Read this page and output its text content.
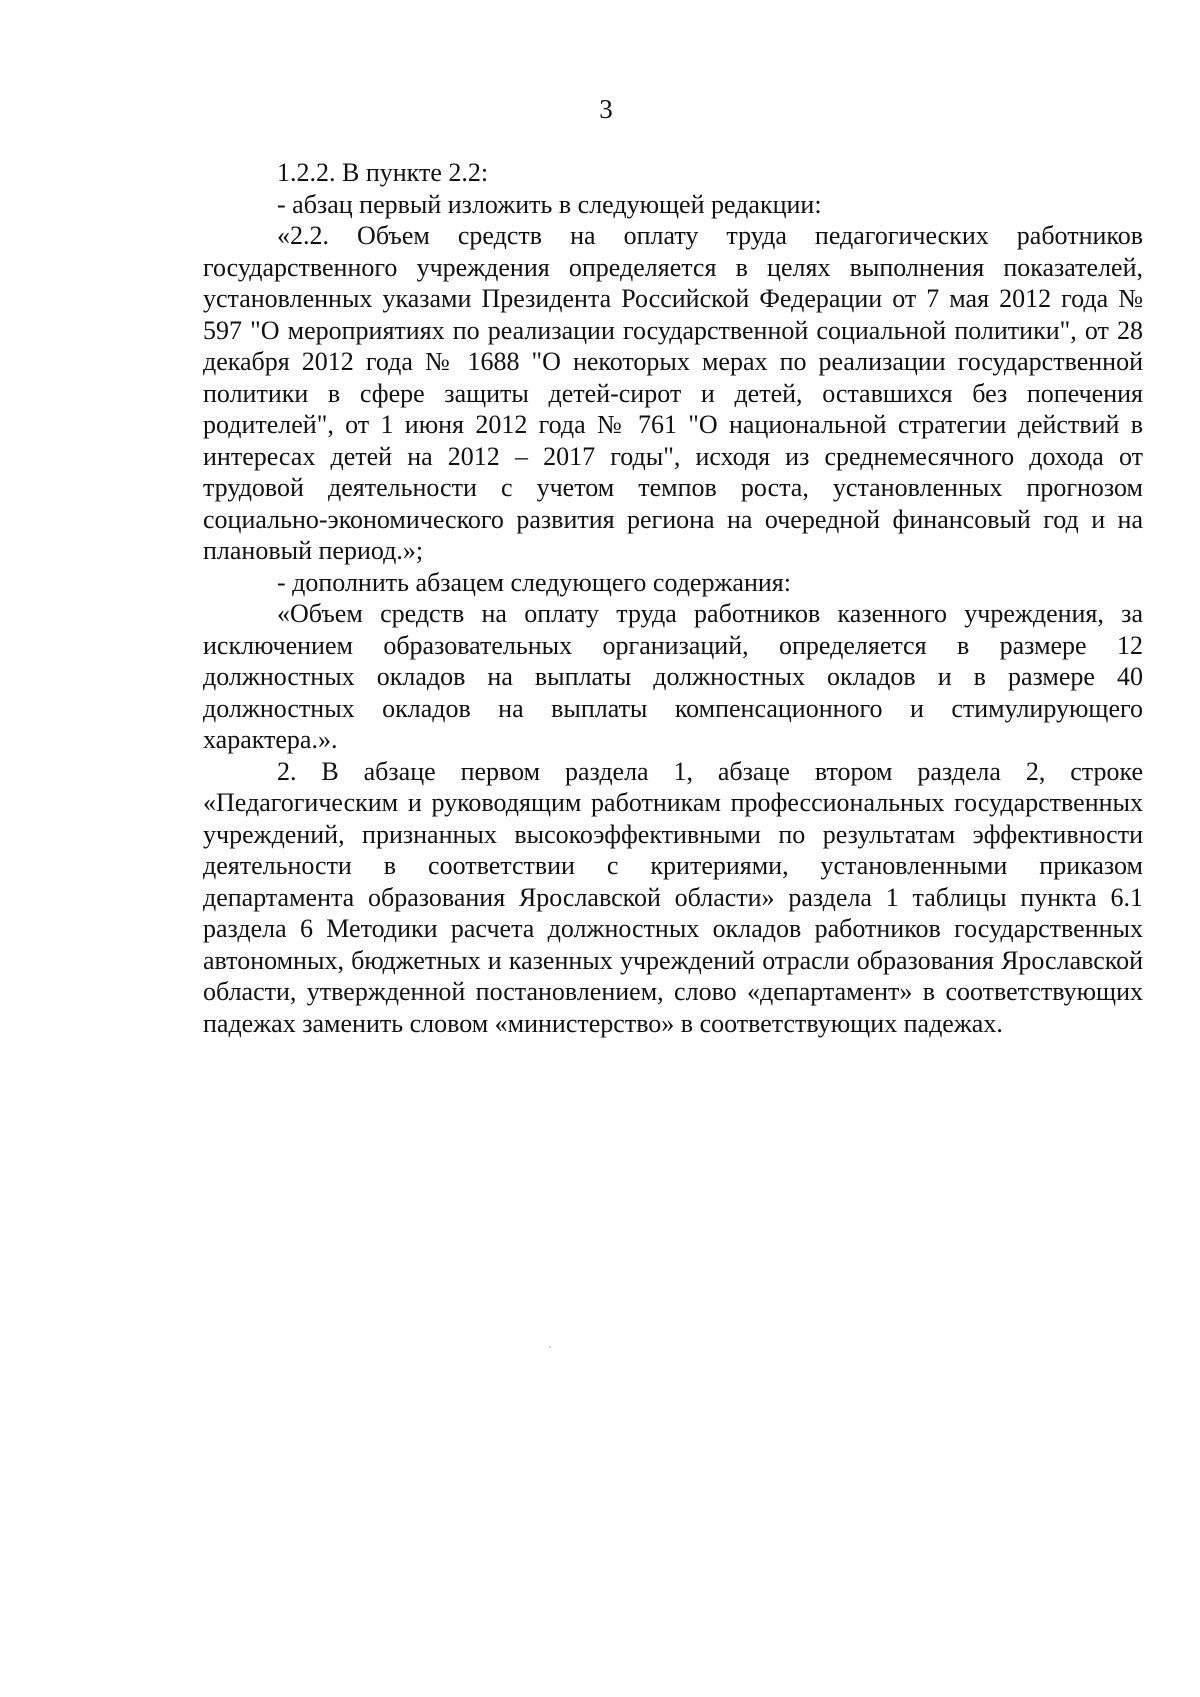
3

1.2.2. В пункте 2.2:

- абзац первый изложить в следующей редакции:

«2.2. Объем средств на оплату труда педагогических работников государственного учреждения определяется в целях выполнения показателей, установленных указами Президента Российской Федерации от 7 мая 2012 года № 597 "О мероприятиях по реализации государственной социальной политики", от 28 декабря 2012 года № 1688 "О некоторых мерах по реализации государственной политики в сфере защиты детей-сирот и детей, оставшихся без попечения родителей", от 1 июня 2012 года № 761 "О национальной стратегии действий в интересах детей на 2012 – 2017 годы", исходя из среднемесячного дохода от трудовой деятельности с учетом темпов роста, установленных прогнозом социально-экономического развития региона на очередной финансовый год и на плановый период.»;

- дополнить абзацем следующего содержания:

«Объем средств на оплату труда работников казенного учреждения, за исключением образовательных организаций, определяется в размере 12 должностных окладов на выплаты должностных окладов и в размере 40 должностных окладов на выплаты компенсационного и стимулирующего характера.».

2. В абзаце первом раздела 1, абзаце втором раздела 2, строке «Педагогическим и руководящим работникам профессиональных государственных учреждений, признанных высокоэффективными по результатам эффективности деятельности в соответствии с критериями, установленными приказом департамента образования Ярославской области» раздела 1 таблицы пункта 6.1 раздела 6 Методики расчета должностных окладов работников государственных автономных, бюджетных и казенных учреждений отрасли образования Ярославской области, утвержденной постановлением, слово «департамент» в соответствующих падежах заменить словом «министерство» в соответствующих падежах.
